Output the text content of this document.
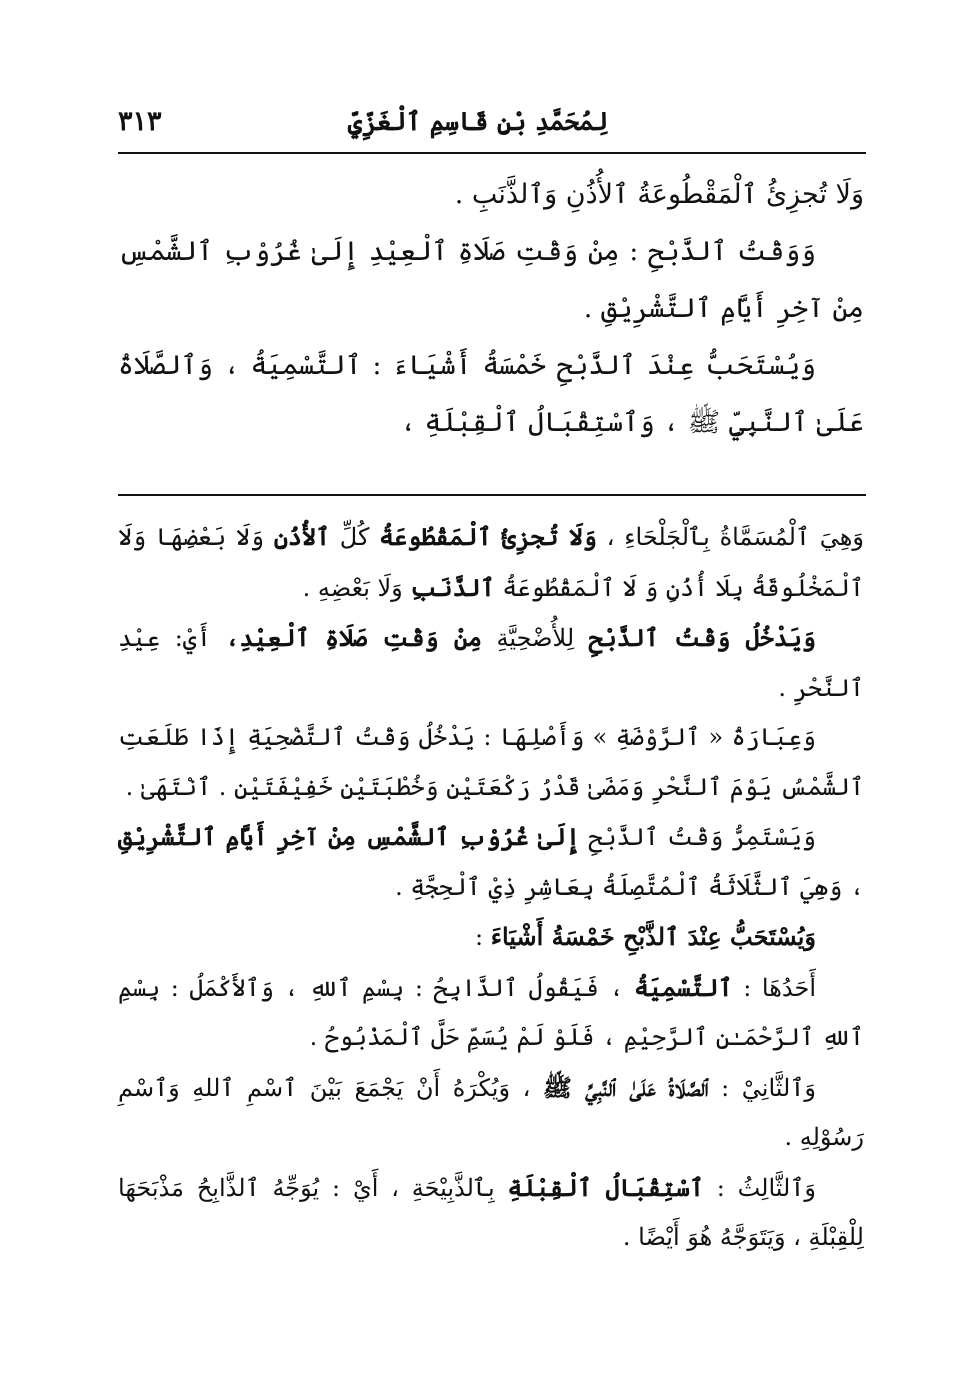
لِمُحَمَّدِ بْنِ قَاسِمِ ٱلْغَزِّيِّ
٣١٣

وَلَا تُجزِئُ ٱلْمَقْطُوعَةُ ٱلأُذُنِ وَٱلذَّنَبِ .

وَوَقْتُ ٱلذَّبْحِ : مِنْ وَقْتِ صَلَاةِ ٱلْعِيْدِ إِلَىٰ غُرُوْبِ ٱلشَّمْسِ مِنْ آخِرِ أَيَّامِ ٱلتَّشْرِيْقِ .

وَيُسْتَحَبُّ عِنْدَ ٱلذَّبْحِ خَمْسَةُ أَشْيَاءَ : ٱلتَّسْمِيَةُ ، وَٱلصَّلَاةُ عَلَىٰ ٱلنَّبِيِّ ﷺ ، وَٱسْتِقْبَالُ ٱلْقِبْلَةِ ،

وَهِيَ ٱلْمُسَمَّاةُ بِٱلْجَلْحَاءِ ، وَلَا تُجزِئُ ٱلْمَقْطُوعَةُ كُلِّ ٱلأُذُنِ وَلَا بَعْضِهَا وَلَا ٱلْمَخْلُوقَةُ بِلَا أُذُنٍ وَ لَا ٱلْمَقْطُوعَةُ ٱلذَّنَبِ وَلَا بَعْضِهِ .

وَيَدْخُلُ وَقْتُ ٱلذَّبْحِ لِلأُضْحِيَّةِ مِنْ وَقْتِ صَلَاةِ ٱلْعِيْدِ، أَيْ: عِيْدِ ٱلنَّحْرِ .

وَعِبَارَةُ « ٱلرَّوْضَةِ » وَأَصْلِهَا : يَدْخُلُ وَقْتُ ٱلتَّضْحِيَةِ إِذَا طَلَعَتِ ٱلشَّمْسُ يَوْمَ ٱلنَّحْرِ وَمَضَىٰ قَدْرُ رَكْعَتَيْنِ وَخُطْبَتَيْنِ خَفِيْفَتَيْنِ . ٱنْتَهَىٰ .

وَيَسْتَمِرُّ وَقْتُ ٱلذَّبْحِ إِلَىٰ غُرُوْبِ ٱلشَّمْسِ مِنْ آخِرِ أَيَّامِ ٱلتَّشْرِيْقِ ، وَهِيَ ٱلثَّلَاثَةُ ٱلْمُتَّصِلَةُ بِعَاشِرِ ذِيْ ٱلْحِجَّةِ .

وَيُسْتَحَبُّ عِنْدَ ٱلذَّبْحِ خَمْسَةُ أَشْيَاءَ :

أَحَدُهَا : ٱلتَّسْمِيَةُ ، فَيَقُولُ ٱلذَّابِحُ : بِسْمِ ٱللهِ ، وَٱلأَكْمَلُ : بِسْمِ ٱللهِ ٱلرَّحْمَـٰنِ ٱلرَّحِيْمِ ، فَلَوْ لَمْ يُسَمِّ حَلَّ ٱلْمَذْبُوحُ .

وَٱلثَّانِيْ : ٱلصَّلَاةُ عَلَىٰ ٱلنَّبِيِّ ﷺ ، وَيُكْرَهُ أَنْ يَجْمَعَ بَيْنَ ٱسْمِ ٱللهِ وَٱسْمِ رَسُوْلِهِ .

وَٱلثَّالِثُ : ٱسْتِقْبَالُ ٱلْقِبْلَةِ بِٱلذَّبِيْحَةِ ، أَيْ : يُوَجِّهُ ٱلذَّابِحُ مَذْبَحَهَا لِلْقِبْلَةِ ، وَيَتَوَجَّهُ هُوَ أَيْضًا .
